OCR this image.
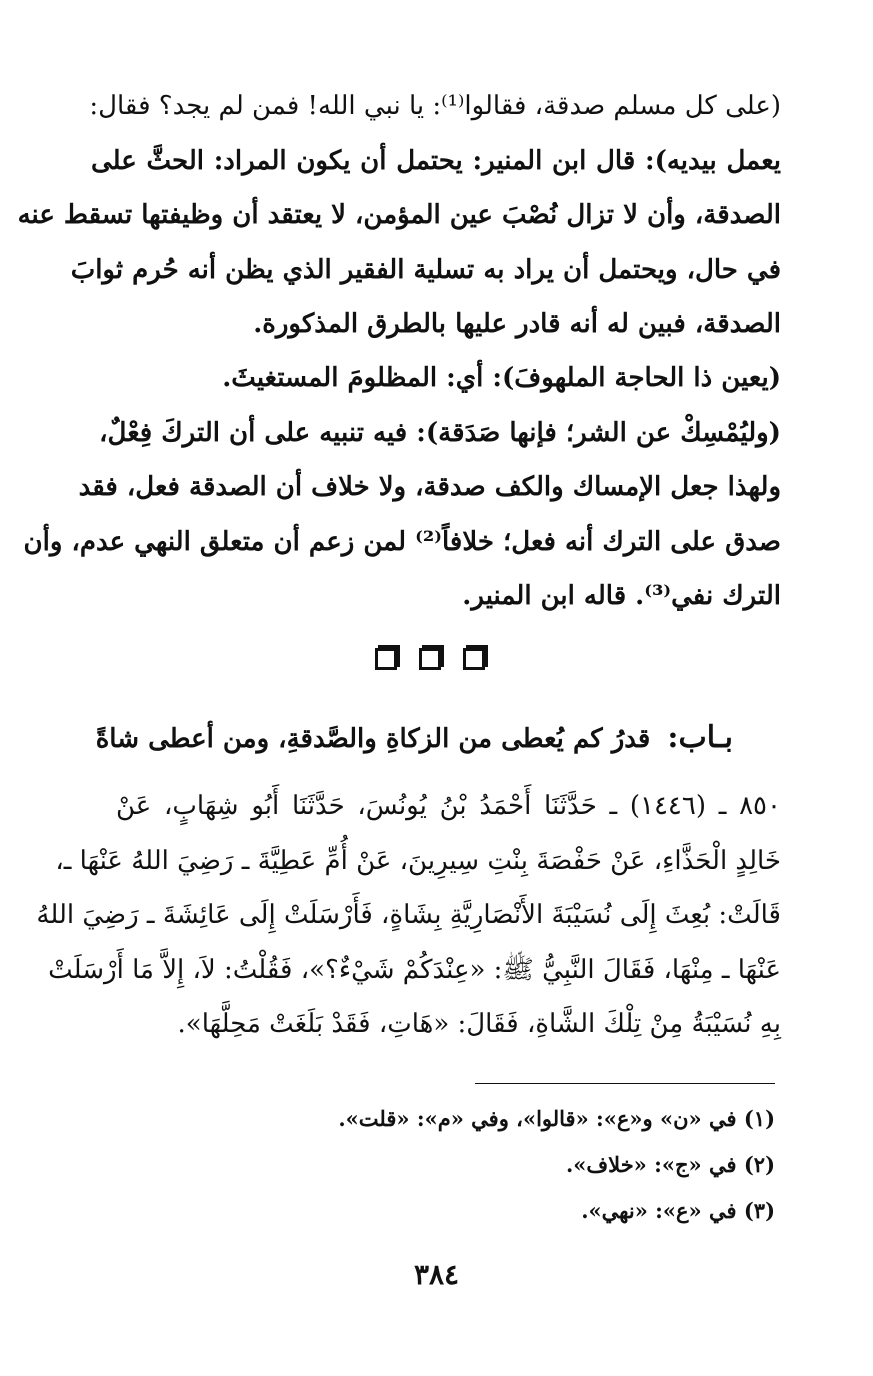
(على كل مسلم صدقة، فقالوا⁽¹⁾: يا نبي الله! فمن لم يجد؟ فقال:
يعمل بيديه): قال ابن المنير: يحتمل أن يكون المراد: الحثَّ على
الصدقة، وأن لا تزال نُصْبَ عين المؤمن، لا يعتقد أن وظيفتها تسقط عنه
في حال، ويحتمل أن يراد به تسلية الفقير الذي يظن أنه حُرم ثوابَ
الصدقة، فبين له أنه قادر عليها بالطرق المذكورة.
(يعين ذا الحاجة الملهوفَ): أي: المظلومَ المستغيثَ.
(وليُمْسِكْ عن الشر؛ فإنها صَدَقة): فيه تنبيه على أن التركَ فِعْلٌ،
ولهذا جعل الإمساك والكف صدقة، ولا خلاف أن الصدقة فعل، فقد
صدق على الترك أنه فعل؛ خلافاً⁽²⁾ لمن زعم أن متعلق النهي عدم، وأن
الترك نفي⁽³⁾. قاله ابن المنير.
بـاب: قدرُ كم يُعطى من الزكاةِ والصَّدقةِ، ومن أعطى شاةً
٨٥٠ ـ (١٤٤٦) ـ حَدَّثَنَا أَحْمَدُ بْنُ يُونُسَ، حَدَّثَنَا أَبُو شِهَابٍ، عَنْ
خَالِدٍ الْحَذَّاءِ، عَنْ حَفْصَةَ بِنْتِ سِيرِينَ، عَنْ أُمِّ عَطِيَّةَ ـ رَضِيَ اللهُ عَنْهَا ـ،
قَالَتْ: بُعِثَ إِلَى نُسَيْبَةَ الأَنْصَارِيَّةِ بِشَاةٍ، فَأَرْسَلَتْ إِلَى عَائِشَةَ ـ رَضِيَ اللهُ
عَنْهَا ـ مِنْهَا، فَقَالَ النَّبِيُّ ﷺ: «عِنْدَكُمْ شَيْءٌ؟»، فَقُلْتُ: لاَ، إِلاَّ مَا أَرْسَلَتْ
بِهِ نُسَيْبَةُ مِنْ تِلْكَ الشَّاةِ، فَقَالَ: «هَاتِ، فَقَدْ بَلَغَتْ مَحِلَّهَا».
(١) في «ن» و«ع»: «قالوا»، وفي «م»: «قلت».
(٢) في «ج»: «خلاف».
(٣) في «ع»: «نهي».
٣٨٤
